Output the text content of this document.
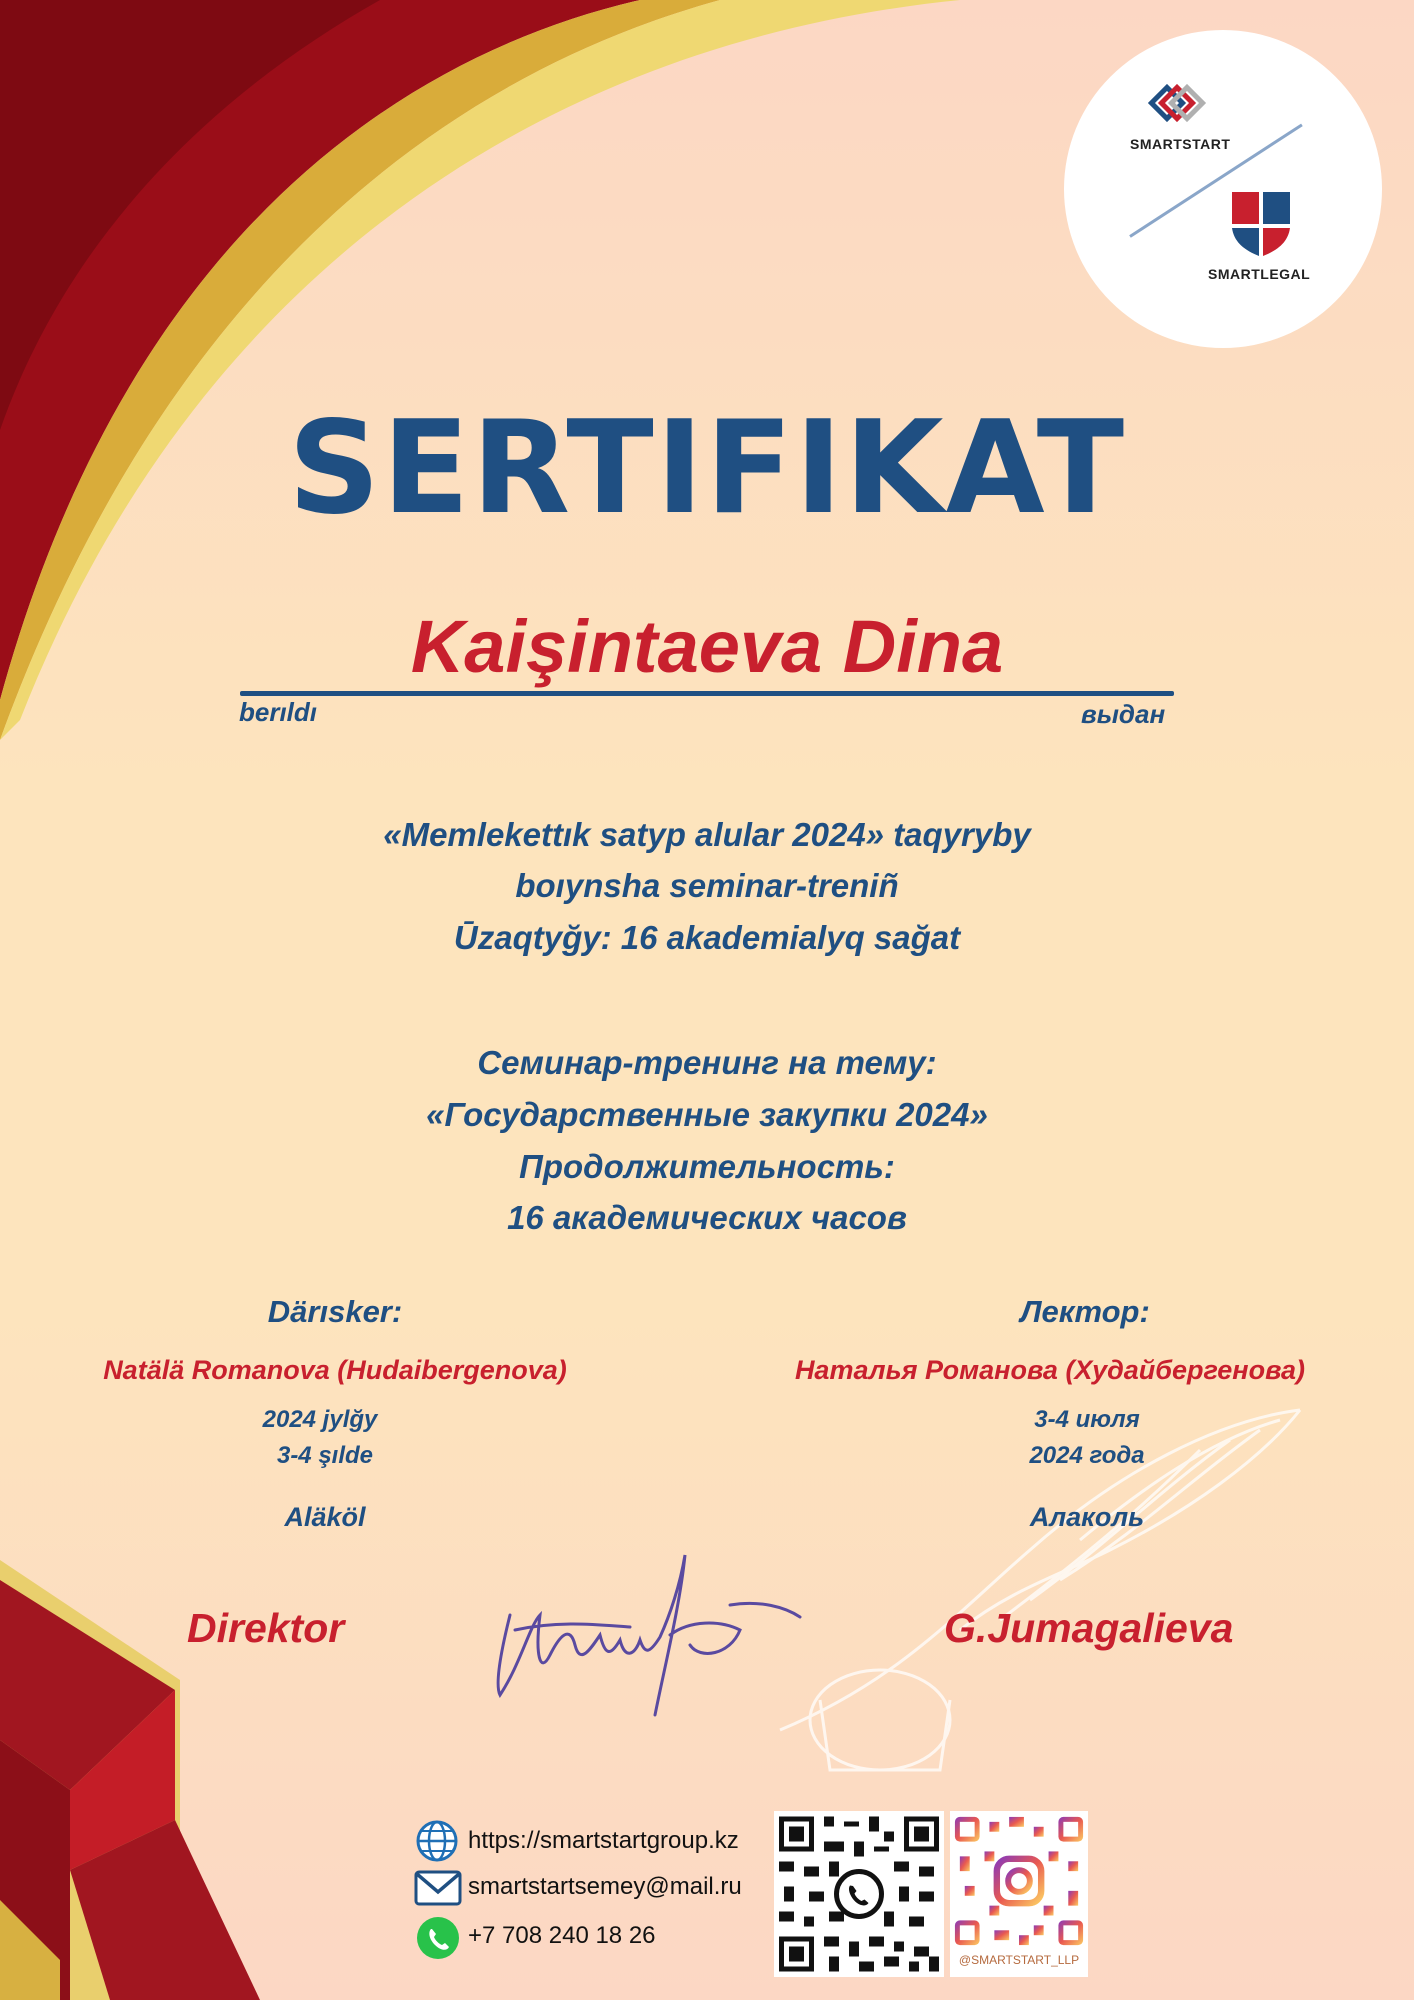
SMARTSTART
SMARTLEGAL
SERTIFIKAT
Kaişintaeva Dina
berıldı	выдан
«Memlekettık satyp alular 2024» taqyryby
boıynsha seminar-treniñ
Ūzaqtyğy: 16 akademialyq sağat
Семинар-тренинг на тему:
«Государственные закупки 2024»
Продолжительность:
16 академических часов
Därısker:
Natälä Romanova (Hudaibergenova)
2024 jylğy
3-4 şılde
Aläköl
Лектор:
Наталья Романова (Худайбергенова)
3-4 июля
2024 года
Алаколь
Direktor	G.Jumagalieva
https://smartstartgroup.kz
smartstartsemey@mail.ru
+7 708 240 18 26
@SMARTSTART_LLP
